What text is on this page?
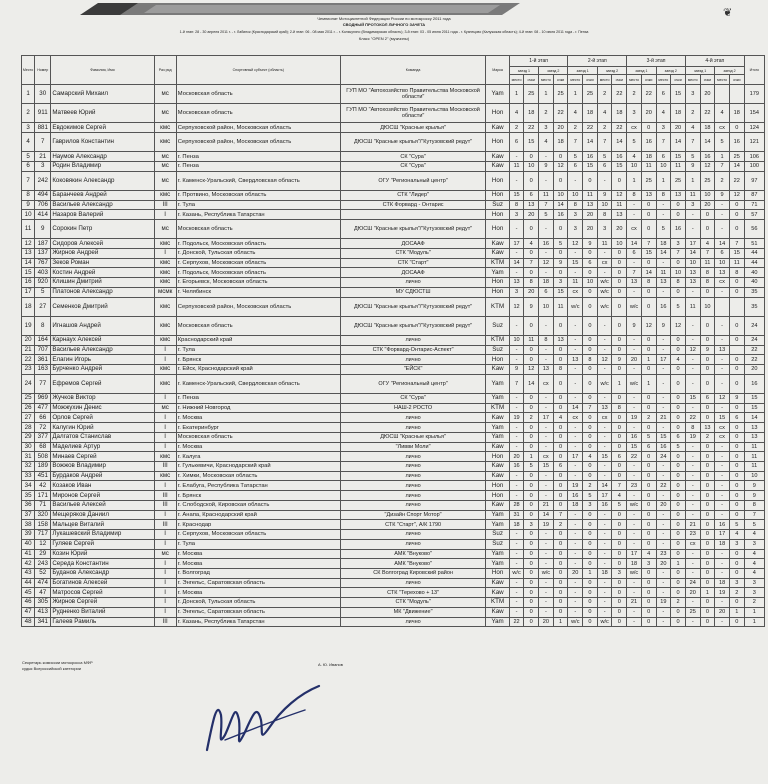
❦
Чемпионат Мотоциклетной Федерации России по мотокроссу 2011 года
СВОДНЫЙ ПРОТОКОЛ ЛИЧНОГО ЗАЧЕТА
1-й этап: 28 - 30 апреля 2011 г. - г. Лабинск (Краснодарский край); 2-й этап: 06 - 08 мая 2011 г. - г. Кольчугино (Владимирская область); 3-й этап: 03 - 05 июня 2011 года - г. Кузнецово (Калужская область); 4-й этап: 08 - 10 июля 2011 года - г. Пенза
Класс "OPEN 2" (мужчины)
Место	Номер	Фамилия, Имя	Раз ряд	Спортивный субъект (область)	Команда	Марка	1-й этап				2-й этап				3-й этап				4-й этап				Итого
							заезд 1		заезд 2		заезд 1		заезд 2		заезд 1		заезд 2		заезд 1		заезд 2		
							место	очки	место	очки	место	очки	место	очки	место	очки	место	очки	место	очки	место	очки	
1	30	Самарский Михаил	мс	Московская область	ГУП МО "Автохозяйство Правительства Московской области"	Yam	1	25	1	25	1	25	2	22	2	22	6	15	3	20			179
2	911	Матвеев Юрий	мс	Московская область	ГУП МО "Автохозяйство Правительства Московской области"	Hon	4	18	2	22	4	18	4	18	3	20	4	18	2	22	4	18	154
3	881	Евдокимов Сергей	кмс	Серпуховской район, Московская область	ДЮСШ "Красные крылья"	Kaw	2	22	3	20	2	22	2	22	cx	0	3	20	4	18	cx	0	124
4	7	Гаврилов Константин	кмс	Серпуховской район, Московская область	ДЮСШ "Красные крылья"/"Кутузовский редут"	Hon	6	15	4	18	7	14	7	14	5	16	7	14	7	14	5	16	121
5	21	Наумов Александр	мс	г. Пенза	СК "Сура"	Kaw	-	0	-	0	5	16	5	16	4	18	6	15	5	16	1	25	106
6	3	Родин Владимир	мс	г. Пенза	СК "Сура"	Kaw	11	10	9	12	6	15	6	15	10	11	10	11	9	12	7	14	100
7	242	Коковякин Александр	мс	г. Каменск-Уральский, Свердловская область	ОГУ "Региональный центр"	Hon	-	0	-	0	-	0	-	0	1	25	1	25	1	25	2	22	97
8	494	Баранчеев Андрей	кмс	г. Протвино, Московская область	СТК "Лидер"	Hon	15	6	11	10	10	11	9	12	8	13	8	13	11	10	9	12	87
9	706	Васильев Александр	III	г. Тула	СТК Форвард - Онтарис	Suz	8	13	7	14	8	13	10	11	-	0	-	0	3	20	-	0	71
10	414	Назаров Валерий	I	г. Казань, Республика Татарстан		Hon	3	20	5	16	3	20	8	13	-	0	-	0	-	0	-	0	57
11	9	Сорокин Петр	мс	Московская область	ДЮСШ "Красные крылья"/"Кутузовский редут"	Hon	-	0	-	0	3	20	3	20	cx	0	5	16	-	0	-	0	56
12	187	Сидоров Алексей	кмс	г. Подольск, Московская область	ДОСААФ	Kaw	17	4	16	5	12	9	11	10	14	7	18	3	17	4	14	7	51
13	137	Жирнов Андрей	I	г. Донской, Тульская область	СТК "Модуль"	Kaw	-	0	-	0	-	0	-	0	6	15	14	7	14	7	6	15	44
14	767	Зеков Роман	кмс	г. Серпухов, Московская область	СТК "Старт"	KTM	14	7	12	9	15	6	cx	0	-	0	-	0	10	11	10	11	44
15	403	Костин Андрей	кмс	г. Подольск, Московская область	ДОСААФ	Yam	-	0	-	0	-	0	-	0	7	14	11	10	13	8	13	8	40
16	920	Клишин Дмитрий	кмс	г. Егорьевск, Московская область	лично	Hon	13	8	18	3	11	10	w/c	0	13	8	13	8	13	8	cx	0	40
17	5	Платонов Александр	мсмк	г. Челябинск	МУ СДЮСТШ	Hon	3	20	6	15	cx	0	w/c	0	-	0	-	0	-	0	-	0	35
18	27	Семенков Дмитрий	кмс	Серпуховской район, Московская область	ДЮСШ "Красные крылья"/"Кутузовский редут"	KTM	12	9	10	11	w/c	0	w/c	0	w/c	0	16	5	11	10			35
19	8	Игнашов Андрей	кмс	Московская область	ДЮСШ "Красные крылья"/"Кутузовский редут"	Suz	-	0	-	0	-	0	-	0	9	12	9	12	-	0	-	0	24
20	164	Карнаух Алексей	кмс	Краснодарский край	лично	KTM	10	11	8	13	-	0	-	0	-	0	-	0	-	0	-	0	24
21	707	Васильев Александр	I	г. Тула	СТК "Форвард-Онтарис-Аспект"	Suz	-	0	-	0	-	0	-	0	-	0	-	0	12	9	13		22
22	361	Елагин Игорь	I	г. Брянск	лично	Hon	-	0	-	0	13	8	12	9	20	1	17	4	-	0	-	0	22
23	163	Бурченко Андрей	кмс	г. Ейск, Краснодарский край	"ЕЙСК"	Kaw	9	12	13	8	-	0	-	0	-	0	-	0	-	0	-	0	20
24	77	Ефремов Сергей	кмс	г. Каменск-Уральский, Свердловская область	ОГУ "Региональный центр"	Yam	7	14	cx	0	-	0	w/c	1	w/c	1	-	0	-	0	-	0	16
25	969	Жучков Виктор	I	г. Пенза	СК "Сура"	Yam	-	0	-	0	-	0	-	0	-	0	-	0	15	6	12	9	15
26	477	Можжухин Денис	мс	г. Нижний Новгород	НАШ-2 РОСТО	KTM	-	0	-	0	14	7	13	8	-	0	-	0	-	0	-	0	15
27	66	Орлов Сергей	I	г. Москва	лично	Kaw	19	2	17	4	cx	0	cx	0	19	2	21	0	22	0	15	6	14
28	72	Калугин Юрий	I	г. Екатеринбург	лично	Yam	-	0	-	0	-	0	-	0	-	0	-	0	8	13	cx	0	13
29	377	Далгатов Станислав	I	Московская область	ДЮСШ "Красные крылья"	Yam	-	0	-	0	-	0	-	0	16	5	15	6	19	2	cx	0	13
30	68	Маделиев Артур	I	г. Москва	"Ливви Моли"	Kaw	-	0	-	0	-	0	-	0	15	6	16	5	-	0	-	0	11
31	508	Минаев Сергей	кмс	г. Калуга	лично	Hon	20	1	cx	0	17	4	15	6	22	0	24	0	-	0	-	0	11
32	189	Вожжов Владимир	III	г. Гулькевичи, Краснодарский край	лично	Kaw	16	5	15	6	-	0	-	0	-	0	-	0	-	0	-	0	11
33	451	Бурдаков Андрей	кмс	г. Химки, Московская область	лично	Kaw	-	0	-	0	-	0	-	0	-	0	-	0	-	0	-	0	10
34	42	Козаков Иван	I	г. Елабуга, Республика Татарстан	лично	Hon	-	0	-	0	19	2	14	7	23	0	22	0	-	0	-	0	9
35	171	Миронов Сергей	III	г. Брянск	лично	Hon	-	0	-	0	16	5	17	4	-	0	-	0	-	0	-	0	9
36	71	Васильев Алексей	III	г. Слободской, Кировская область	лично	Kaw	28	0	21	0	18	3	16	5	w/c	0	20	0	-	0	-	0	8
37	320	Мещеряков Даниил	I	г. Анапа, Краснодарский край	"Дизайн Спорт Мотор"	Yam	31	0	14	7	-	0	-	0	-	0	-	0	-	0	-	0	7
38	158	Мальцев Виталий	III	г. Краснодар	СТК "Старт", А/К 1790	Yam	18	3	19	2	-	0	-	0	-	0	-	0	21	0	16	5	5
39	717	Лукашевский Владимир	I	г. Серпухов, Московская область	лично	Suz	-	0	-	0	-	0	-	0	-	0	-	0	23	0	17	4	4
40	12	Гуляев Сергей	I	г. Тула	лично	Suz	-	0	-	0	-	0	-	0	-	0	-	0	cx	0	18	3	3
41	29	Козин Юрий	мс	г. Москва	АМК "Внуково"	Yam	-	0	-	0	-	0	-	0	17	4	23	0	-	0	-	0	4
42	243	Середа Константин	I	г. Москва	АМК "Внуково"	Yam	-	0	-	0	-	0	-	0	18	3	20	1	-	0	-	0	4
43	52	Буданов Александр	I	г. Волгоград	СК Волгоград Кировский район	Hon	w/c	0	w/c	0	20	1	18	3	w/c	0	-	0	-	0	-	0	4
44	474	Богатинов Алексей	I	г. Энгельс, Саратовская область	лично	Kaw	-	0	-	0	-	0	-	0	-	0	-	0	24	0	18	3	3
45	47	Матросов Сергей	I	г. Москва	СТК "Терехово + 13"	Kaw	-	0	-	0	-	0	-	0	-	0	-	0	20	1	19	2	3
46	305	Жирнов Сергей	I	г. Донской, Тульская область	СТК "Модуль"	KTM	-	0	-	0	-	0	-	0	21	0	19	2	-	0	-	0	2
47	413	Рудненко Виталий	I	г. Энгельс, Саратовская область	МК "Движение"	Kaw	-	0	-	0	-	0	-	0	-	0	-	0	25	0	20	1	1
48	341	Галеев Рамиль	III	г. Казань, Республика Татарстан	лично	Yam	22	0	20	1	w/c	0	w/c	0	-	0	-	0	-	0	-	0	1
Секретарь комиссии мотокросса МФР
судья Всероссийской категории
А. Ю. Иванов
